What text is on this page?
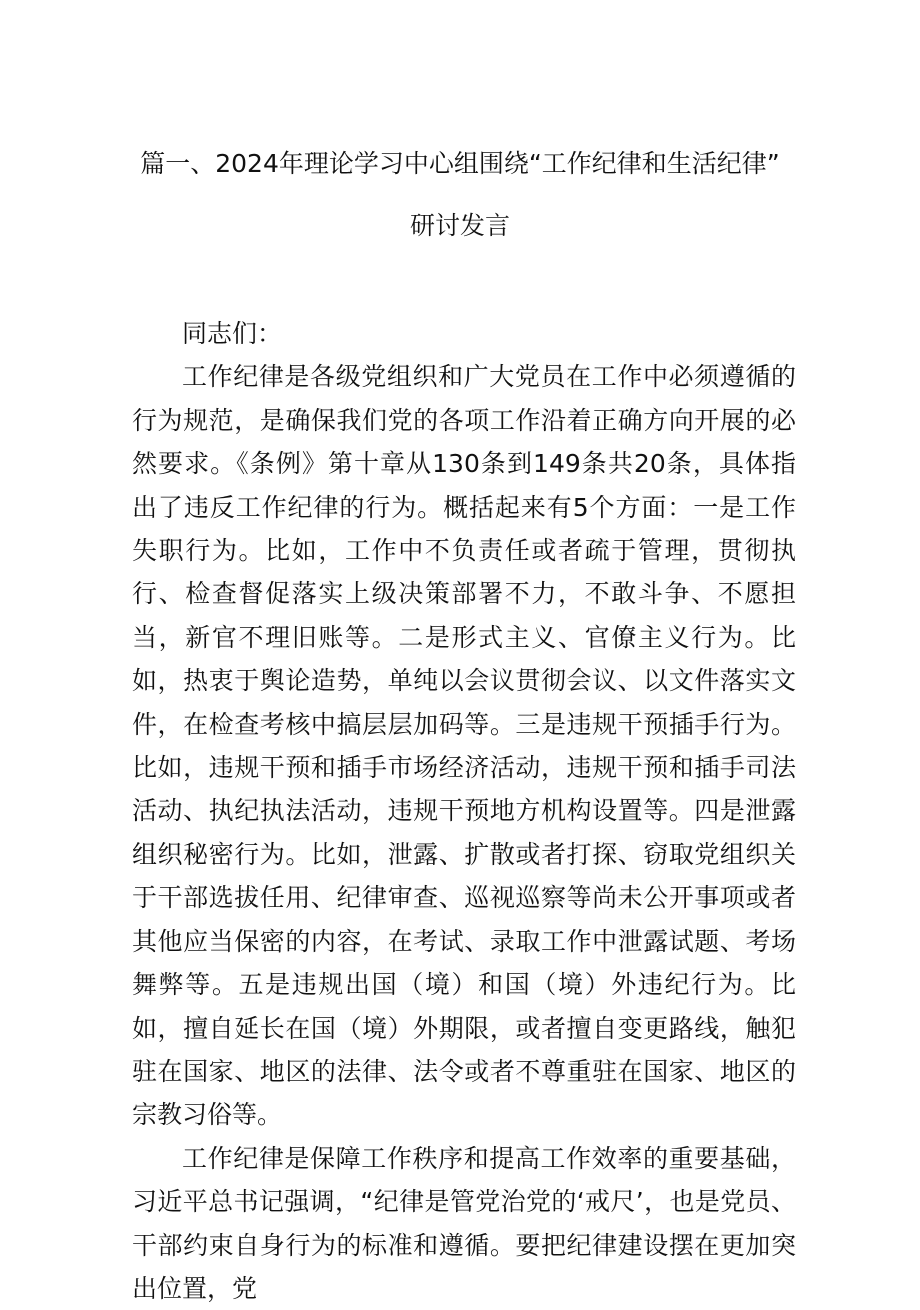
篇一、2024年理论学习中心组围绕“工作纪律和生活纪律”
研讨发言

同志们：

工作纪律是各级党组织和广大党员在工作中必须遵循的行为规范，是确保我们党的各项工作沿着正确方向开展的必然要求。《条例》第十章从130条到149条共20条，具体指出了违反工作纪律的行为。概括起来有5个方面：一是工作失职行为。比如，工作中不负责任或者疏于管理，贯彻执行、检查督促落实上级决策部署不力，不敢斗争、不愿担当，新官不理旧账等。二是形式主义、官僚主义行为。比如，热衷于舆论造势，单纯以会议贯彻会议、以文件落实文件，在检查考核中搞层层加码等。三是违规干预插手行为。比如，违规干预和插手市场经济活动，违规干预和插手司法活动、执纪执法活动，违规干预地方机构设置等。四是泄露组织秘密行为。比如，泄露、扩散或者打探、窃取党组织关于干部选拔任用、纪律审查、巡视巡察等尚未公开事项或者其他应当保密的内容，在考试、录取工作中泄露试题、考场舞弊等。五是违规出国（境）和国（境）外违纪行为。比如，擅自延长在国（境）外期限，或者擅自变更路线，触犯驻在国家、地区的法律、法令或者不尊重驻在国家、地区的宗教习俗等。

工作纪律是保障工作秩序和提高工作效率的重要基础，习近平总书记强调，“纪律是管党治党的‘戒尺’，也是党员、干部约束自身行为的标准和遵循。要把纪律建设摆在更加突出位置，党
